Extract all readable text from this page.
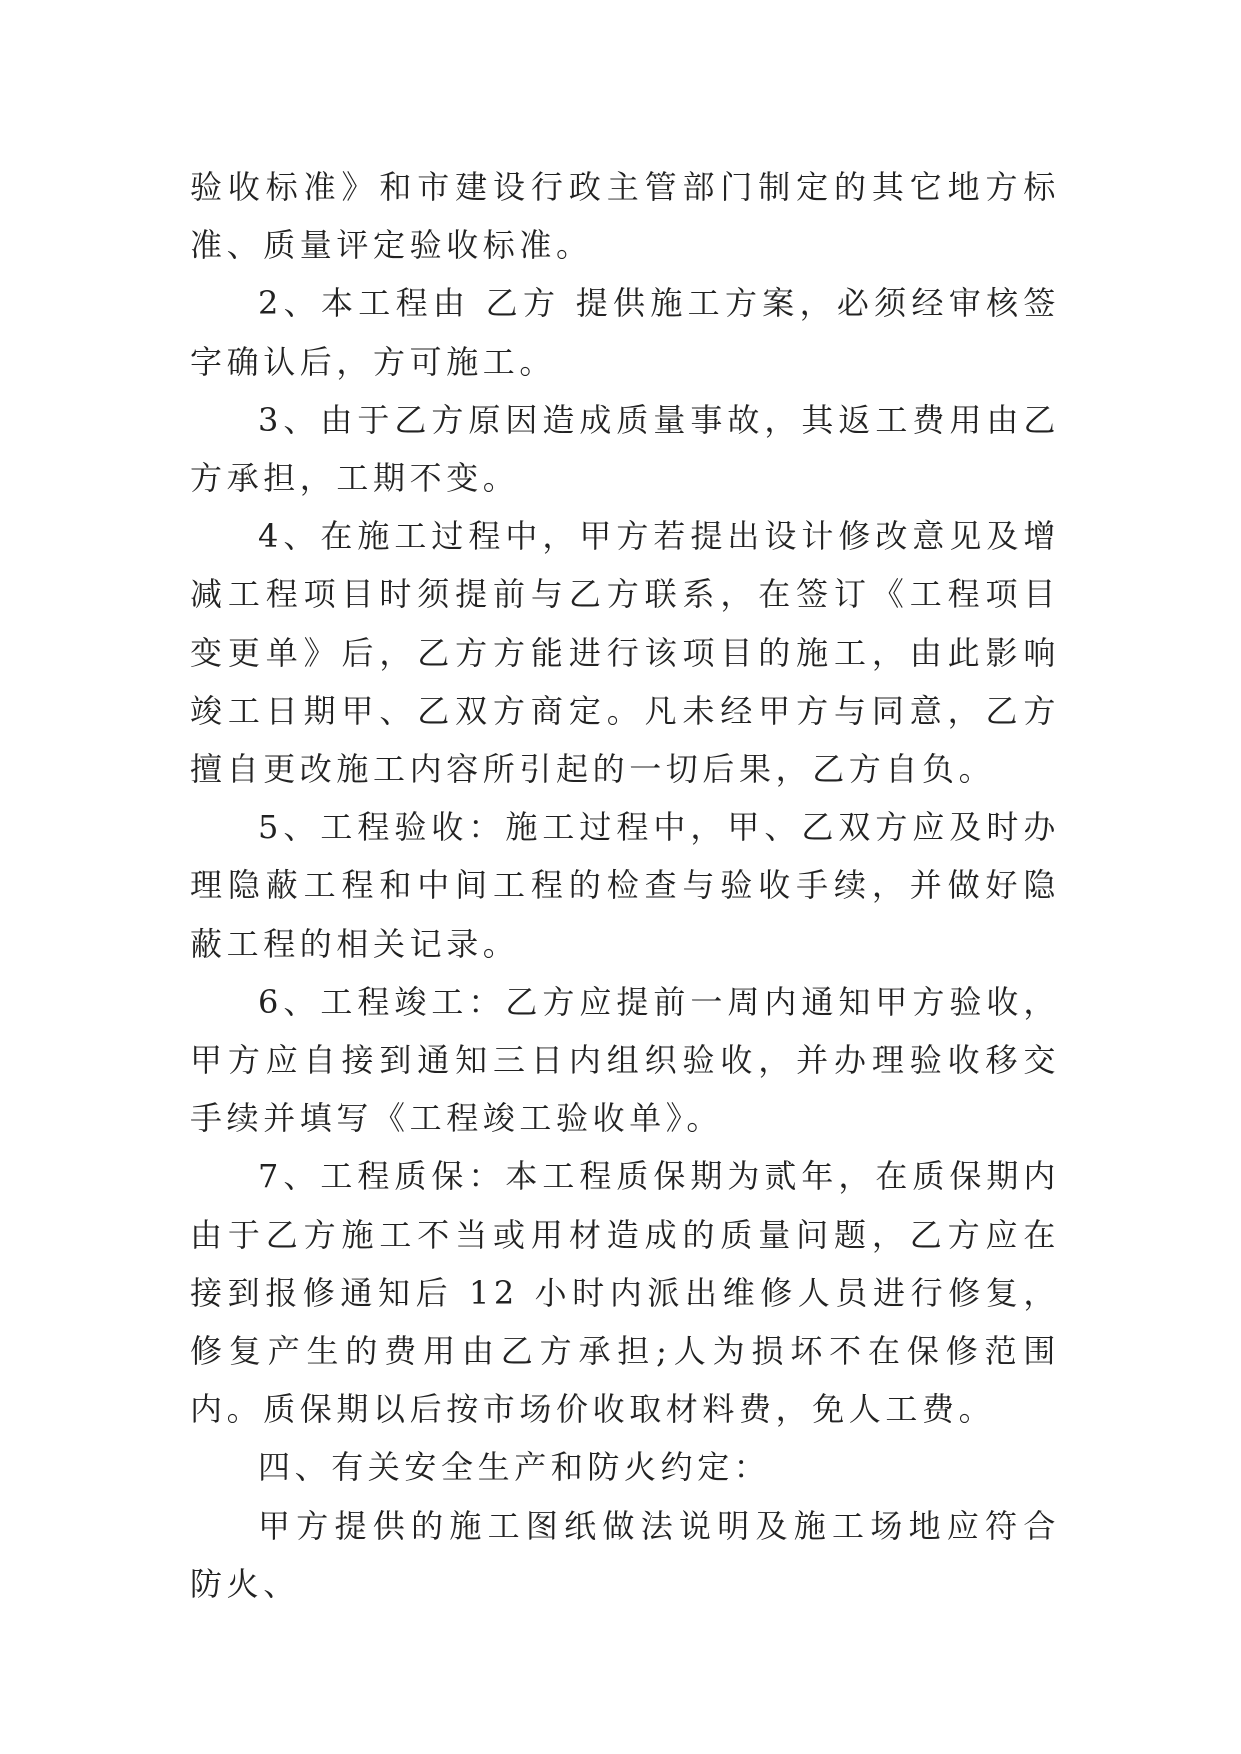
验收标准》和市建设行政主管部门制定的其它地方标准、质量评定验收标准。

2、本工程由 乙方 提供施工方案，必须经审核签字确认后，方可施工。

3、由于乙方原因造成质量事故，其返工费用由乙方承担，工期不变。

4、在施工过程中，甲方若提出设计修改意见及增减工程项目时须提前与乙方联系，在签订《工程项目变更单》后，乙方方能进行该项目的施工，由此影响竣工日期甲、乙双方商定。凡未经甲方与同意，乙方擅自更改施工内容所引起的一切后果，乙方自负。

5、工程验收：施工过程中，甲、乙双方应及时办理隐蔽工程和中间工程的检查与验收手续，并做好隐蔽工程的相关记录。

6、工程竣工：乙方应提前一周内通知甲方验收，甲方应自接到通知三日内组织验收，并办理验收移交手续并填写《工程竣工验收单》。

7、工程质保：本工程质保期为贰年，在质保期内由于乙方施工不当或用材造成的质量问题，乙方应在接到报修通知后 12 小时内派出维修人员进行修复，修复产生的费用由乙方承担;人为损坏不在保修范围内。质保期以后按市场价收取材料费，免人工费。

四、有关安全生产和防火约定：

甲方提供的施工图纸做法说明及施工场地应符合防火、
